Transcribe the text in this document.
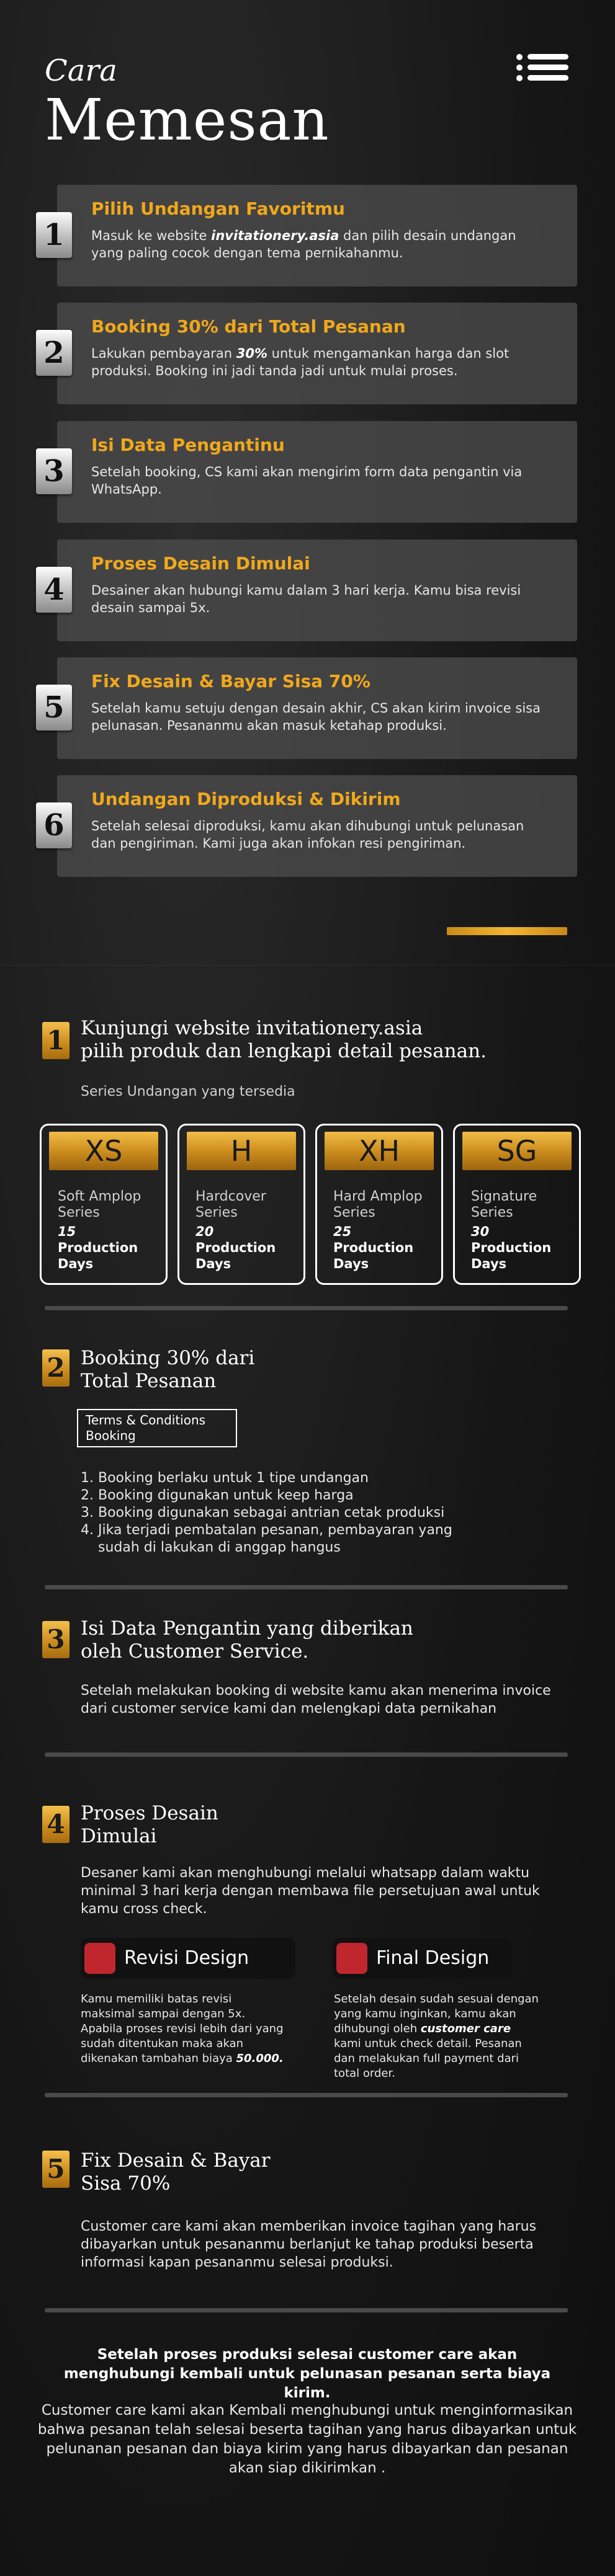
Cara
Memesan
Pilih Undangan Favoritmu
Masuk ke website invitationery.asia dan pilih desain undangan yang paling cocok dengan tema pernikahanmu.
1
Booking 30% dari Total Pesanan
Lakukan pembayaran 30% untuk mengamankan harga dan slot produksi. Booking ini jadi tanda jadi untuk mulai proses.
2
Isi Data Pengantinu
Setelah booking, CS kami akan mengirim form data pengantin via WhatsApp.
3
Proses Desain Dimulai
Desainer akan hubungi kamu dalam 3 hari kerja. Kamu bisa revisi desain sampai 5x.
4
Fix Desain & Bayar Sisa 70%
Setelah kamu setuju dengan desain akhir, CS akan kirim invoice sisa pelunasan. Pesananmu akan masuk ketahap produksi.
5
Undangan Diproduksi & Dikirim
Setelah selesai diproduksi, kamu akan dihubungi untuk pelunasan dan pengiriman. Kami juga akan infokan resi pengiriman.
6
1 Kunjungi website invitationery.asia
pilih produk dan lengkapi detail pesanan.
Series Undangan yang tersedia
XS
Soft Amplop Series
15
Production Days
H
Hardcover Series
20
Production Days
XH
Hard Amplop Series
25
Production Days
SG
Signature Series
30
Production Days
2 Booking 30% dari
Total Pesanan
Terms & Conditions
Booking
1. Booking berlaku untuk 1 tipe undangan
2. Booking digunakan untuk keep harga
3. Booking digunakan sebagai antrian cetak produksi
4. Jika terjadi pembatalan pesanan, pembayaran yang sudah di lakukan di anggap hangus
3 Isi Data Pengantin yang diberikan
oleh Customer Service.
Setelah melakukan booking di website kamu akan menerima invoice dari customer service kami dan melengkapi data pernikahan
4 Proses Desain
Dimulai
Desaner kami akan menghubungi melalui whatsapp dalam waktu minimal 3 hari kerja dengan membawa file persetujuan awal untuk kamu cross check.
Revisi Design
Kamu memiliki batas revisi maksimal sampai dengan 5x. Apabila proses revisi lebih dari yang sudah ditentukan maka akan dikenakan tambahan biaya 50.000.
Final Design
Setelah desain sudah sesuai dengan yang kamu inginkan, kamu akan dihubungi oleh customer care kami untuk check detail. Pesanan dan melakukan full payment dari total order.
5 Fix Desain & Bayar
Sisa 70%
Customer care kami akan memberikan invoice tagihan yang harus dibayarkan untuk pesananmu berlanjut ke tahap produksi beserta informasi kapan pesananmu selesai produksi.
Setelah proses produksi selesai customer care akan menghubungi kembali untuk pelunasan pesanan serta biaya kirim.
Customer care kami akan Kembali menghubungi untuk menginformasikan bahwa pesanan telah selesai beserta tagihan yang harus dibayarkan untuk pelunanan pesanan dan biaya kirim yang harus dibayarkan dan pesanan akan siap dikirimkan .
